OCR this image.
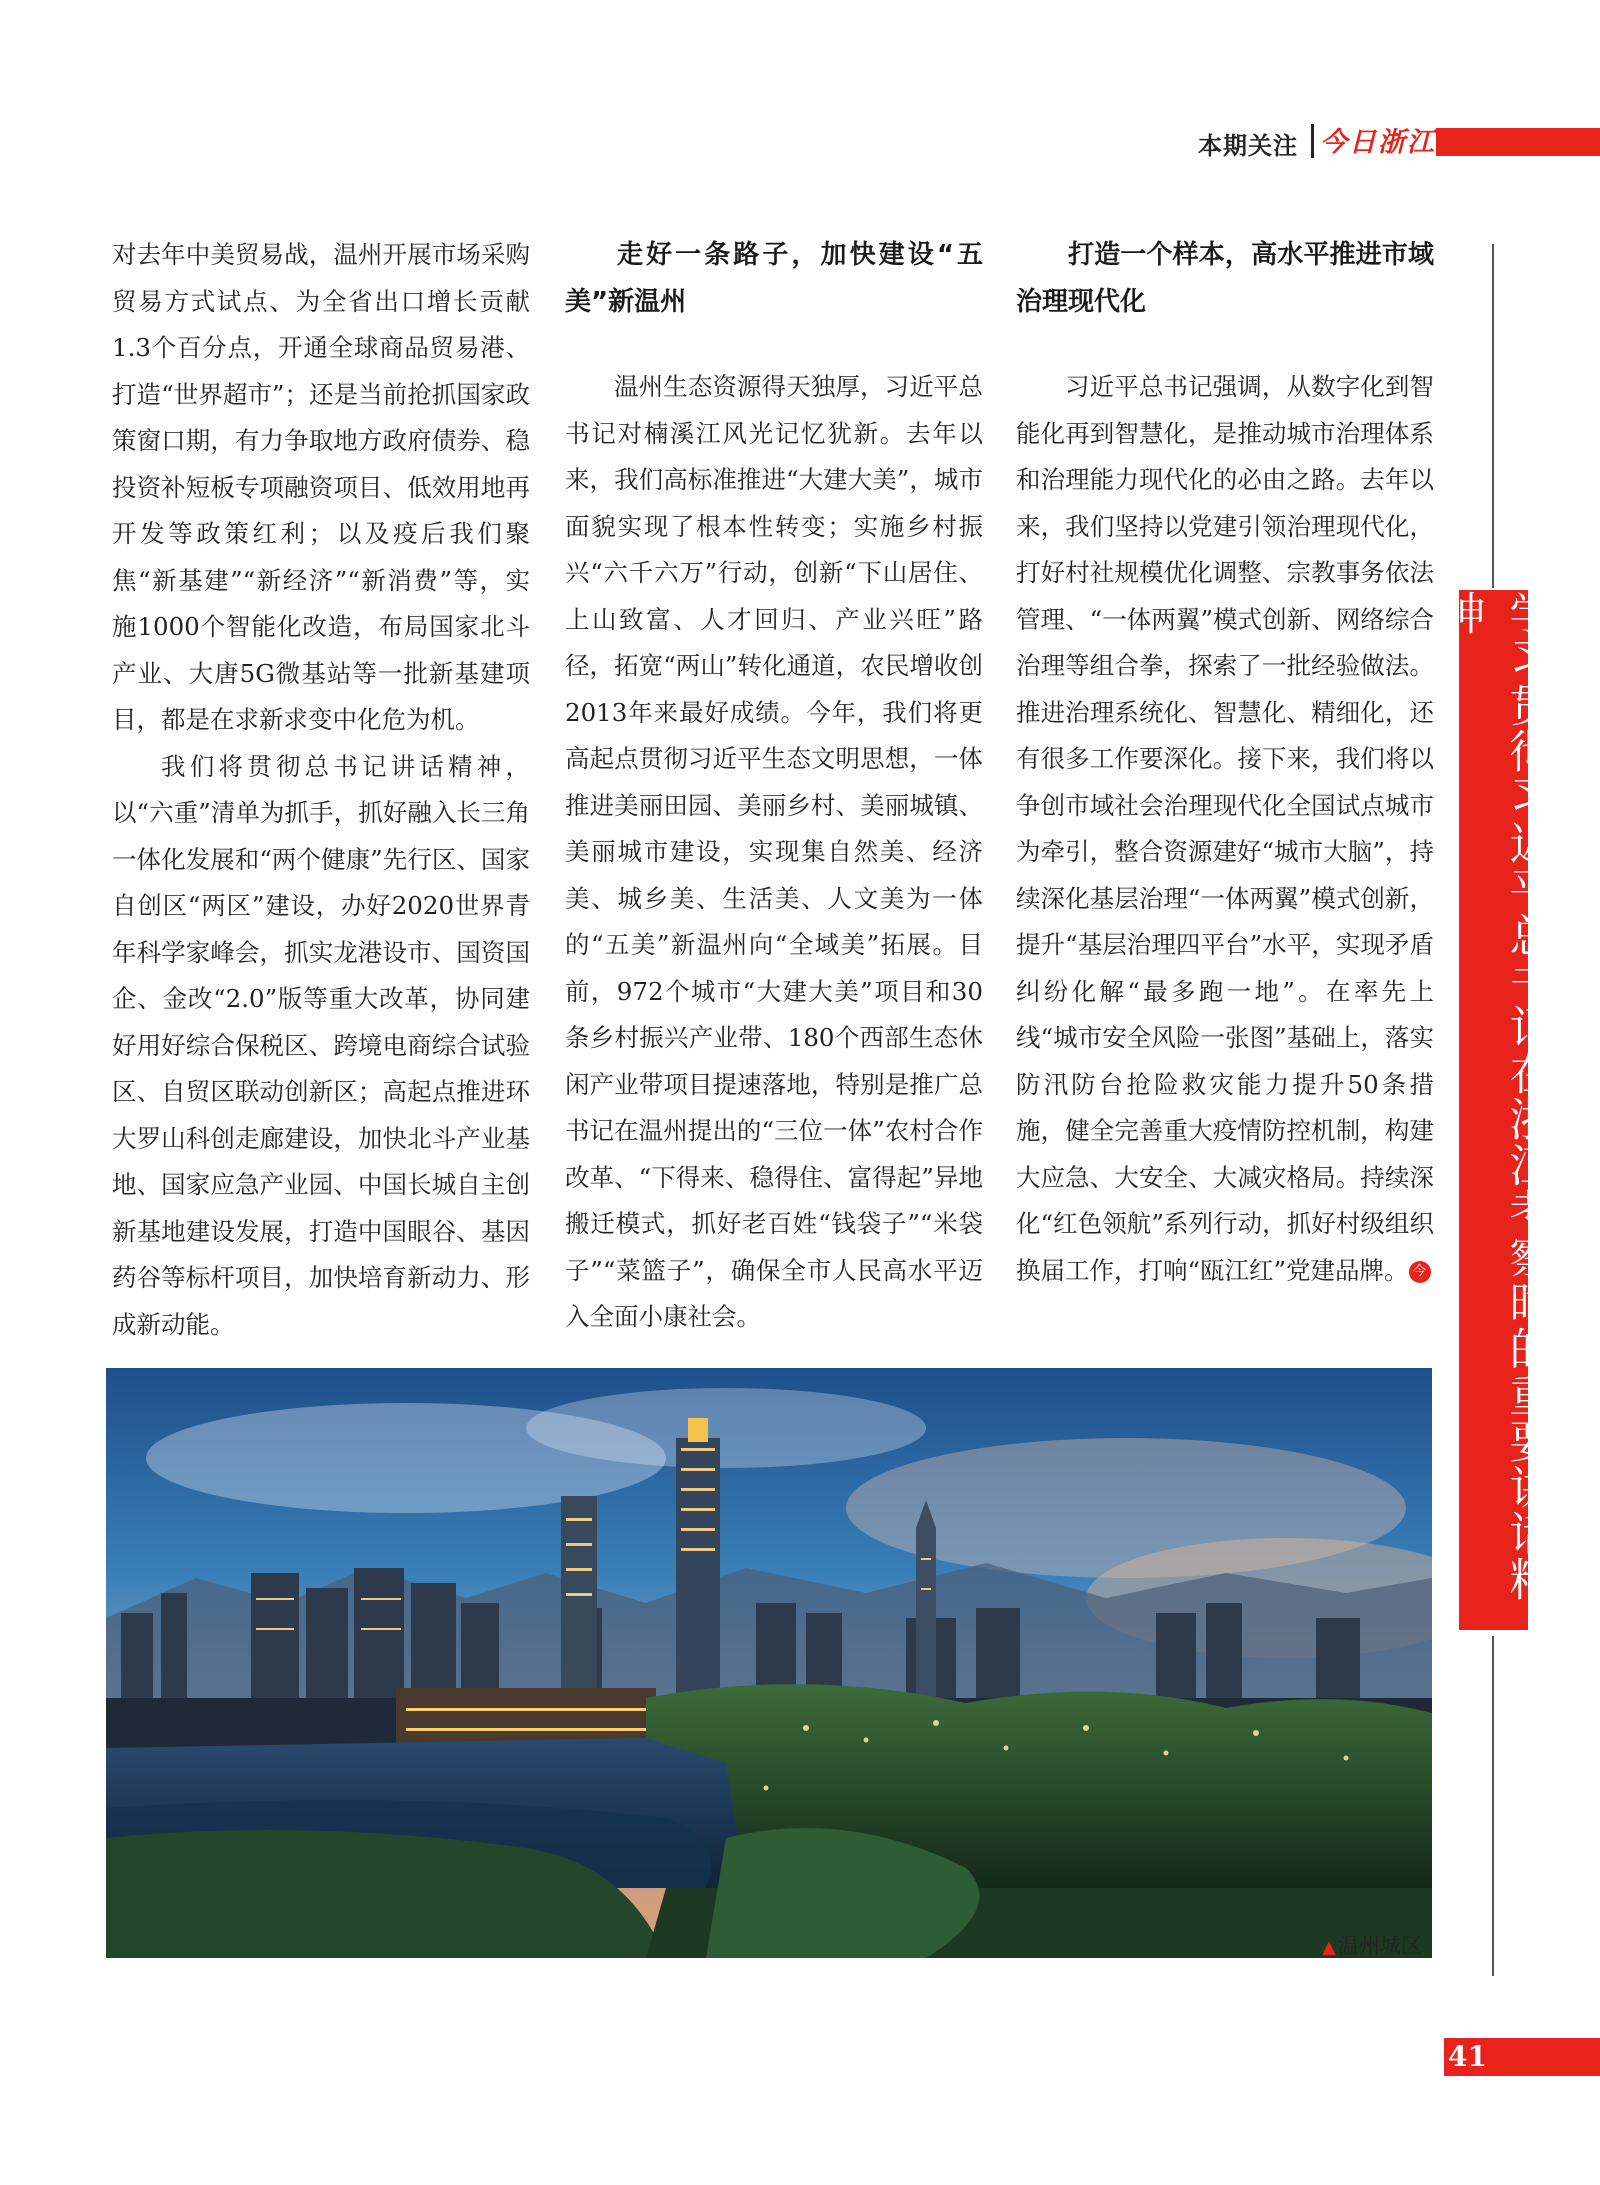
本期关注 今日浙江

对去年中美贸易战，温州开展市场采购贸易方式试点、为全省出口增长贡献1.3个百分点，开通全球商品贸易港、打造“世界超市”；还是当前抢抓国家政策窗口期，有力争取地方政府债券、稳投资补短板专项融资项目、低效用地再开发等政策红利；以及疫后我们聚焦“新基建”“新经济”“新消费”等，实施1000个智能化改造，布局国家北斗产业、大唐5G微基站等一批新基建项目，都是在求新求变中化危为机。

我们将贯彻总书记讲话精神，以“六重”清单为抓手，抓好融入长三角一体化发展和“两个健康”先行区、国家自创区“两区”建设，办好2020世界青年科学家峰会，抓实龙港设市、国资国企、金改“2.0”版等重大改革，协同建好用好综合保税区、跨境电商综合试验区、自贸区联动创新区；高起点推进环大罗山科创走廊建设，加快北斗产业基地、国家应急产业园、中国长城自主创新基地建设发展，打造中国眼谷、基因药谷等标杆项目，加快培育新动力、形成新动能。

走好一条路子，加快建设“五美”新温州

温州生态资源得天独厚，习近平总书记对楠溪江风光记忆犹新。去年以来，我们高标准推进“大建大美”，城市面貌实现了根本性转变；实施乡村振兴“六千六万”行动，创新“下山居住、上山致富、人才回归、产业兴旺”路径，拓宽“两山”转化通道，农民增收创2013年来最好成绩。今年，我们将更高起点贯彻习近平生态文明思想，一体推进美丽田园、美丽乡村、美丽城镇、美丽城市建设，实现集自然美、经济美、城乡美、生活美、人文美为一体的“五美”新温州向“全域美”拓展。目前，972个城市“大建大美”项目和30条乡村振兴产业带、180个西部生态休闲产业带项目提速落地，特别是推广总书记在温州提出的“三位一体”农村合作改革、“下得来、稳得住、富得起”异地搬迁模式，抓好老百姓“钱袋子”“米袋子”“菜篮子”，确保全市人民高水平迈入全面小康社会。

打造一个样本，高水平推进市域治理现代化

习近平总书记强调，从数字化到智能化再到智慧化，是推动城市治理体系和治理能力现代化的必由之路。去年以来，我们坚持以党建引领治理现代化，打好村社规模优化调整、宗教事务依法管理、“一体两翼”模式创新、网络综合治理等组合拳，探索了一批经验做法。推进治理系统化、智慧化、精细化，还有很多工作要深化。接下来，我们将以争创市域社会治理现代化全国试点城市为牵引，整合资源建好“城市大脑”，持续深化基层治理“一体两翼”模式创新，提升“基层治理四平台”水平，实现矛盾纠纷化解“最多跑一地”。在率先上线“城市安全风险一张图”基础上，落实防汛防台抢险救灾能力提升50条措施，健全完善重大疫情防控机制，构建大应急、大安全、大减灾格局。持续深化“红色领航”系列行动，抓好村级组织换届工作，打响“瓯江红”党建品牌。 今	学习贯彻习近平总书记在浙江考察时的重要讲话精神
▲温州城区
41
